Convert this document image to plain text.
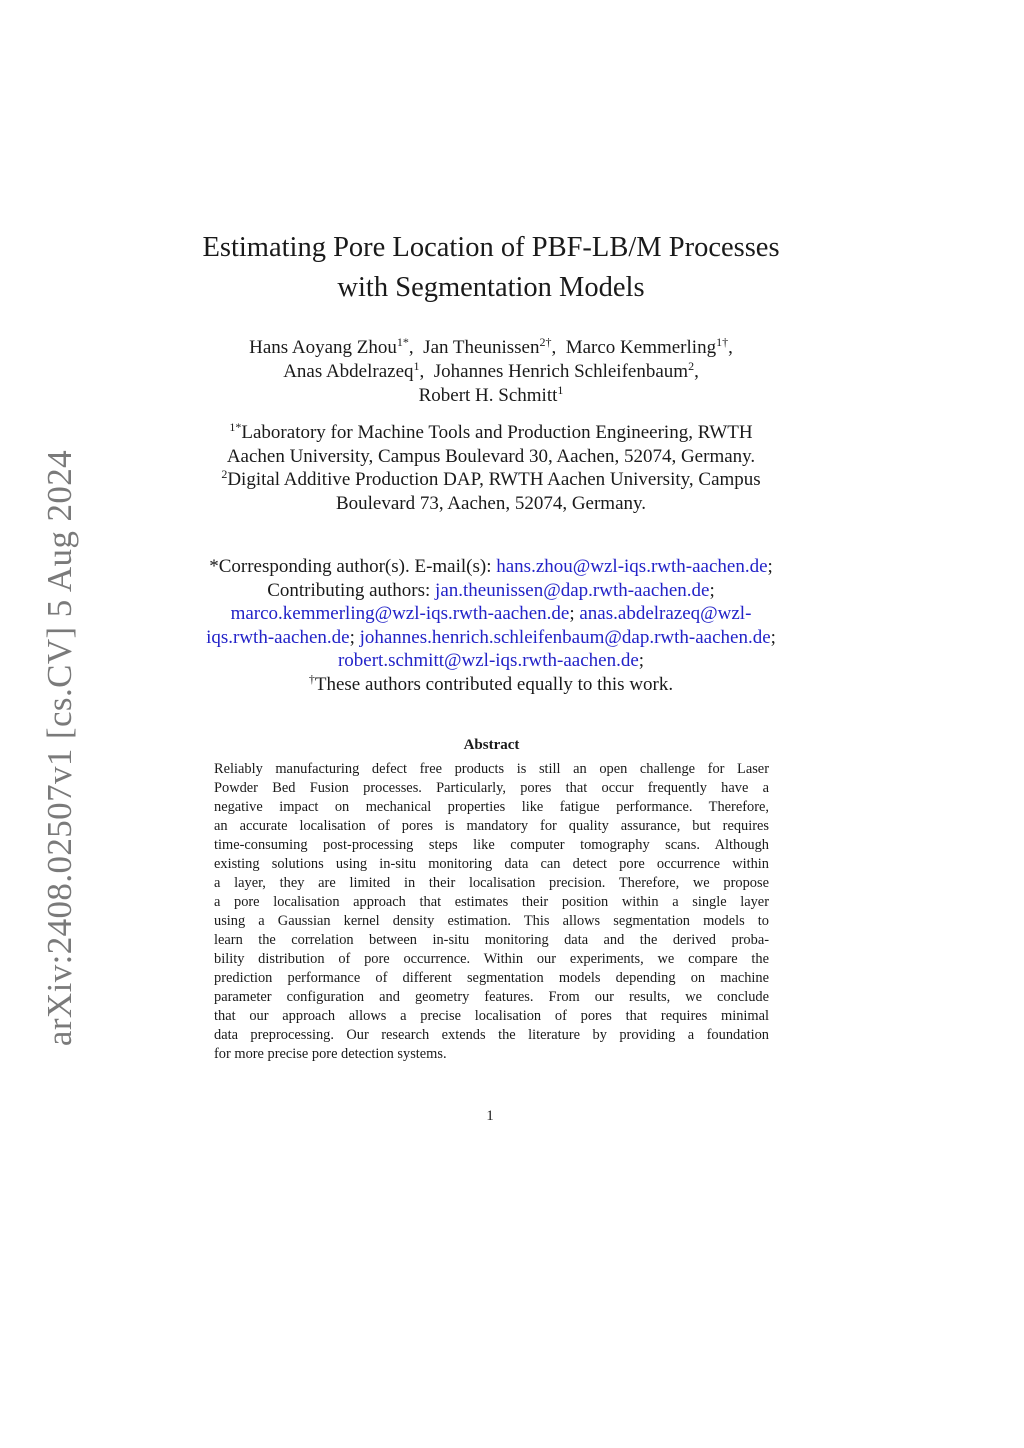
arXiv:2408.02507v1 [cs.CV] 5 Aug 2024
Estimating Pore Location of PBF-LB/M Processes
with Segmentation Models
Hans Aoyang Zhou$^{1*}$,  Jan Theunissen$^{2\dagger}$,  Marco Kemmerling$^{1\dagger}$,
Anas Abdelrazeq$^1$,  Johannes Henrich Schleifenbaum$^2$,
Robert H. Schmitt$^1$
$^{1*}$Laboratory for Machine Tools and Production Engineering, RWTH
Aachen University, Campus Boulevard 30, Aachen, 52074, Germany.
$^2$Digital Additive Production DAP, RWTH Aachen University, Campus
Boulevard 73, Aachen, 52074, Germany.
*Corresponding author(s). E-mail(s): hans.zhou@wzl-iqs.rwth-aachen.de;
Contributing authors: jan.theunissen@dap.rwth-aachen.de;
marco.kemmerling@wzl-iqs.rwth-aachen.de; anas.abdelrazeq@wzl-
iqs.rwth-aachen.de; johannes.henrich.schleifenbaum@dap.rwth-aachen.de;
robert.schmitt@wzl-iqs.rwth-aachen.de;
†These authors contributed equally to this work.
Abstract
Reliably manufacturing defect free products is still an open challenge for Laser
Powder Bed Fusion processes. Particularly, pores that occur frequently have a
negative impact on mechanical properties like fatigue performance. Therefore,
an accurate localisation of pores is mandatory for quality assurance, but requires
time-consuming post-processing steps like computer tomography scans. Although
existing solutions using in-situ monitoring data can detect pore occurrence within
a layer, they are limited in their localisation precision. Therefore, we propose
a pore localisation approach that estimates their position within a single layer
using a Gaussian kernel density estimation. This allows segmentation models to
learn the correlation between in-situ monitoring data and the derived proba-
bility distribution of pore occurrence. Within our experiments, we compare the
prediction performance of different segmentation models depending on machine
parameter configuration and geometry features. From our results, we conclude
that our approach allows a precise localisation of pores that requires minimal
data preprocessing. Our research extends the literature by providing a foundation
for more precise pore detection systems.
1
